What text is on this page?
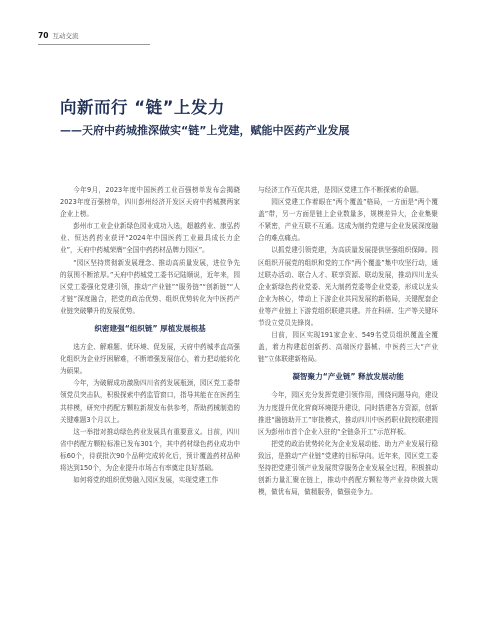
70 互动交流
向新而行 “链”上发力
——天府中药城推深做实“链”上党建，赋能中医药产业发展

今年9月，2023年度中国医药工业百强榜单发布会揭晓2023年度百强榜单，四川彭州经济开发区天府中药城携两家企业上榜。

彭州市工业企业新绿色园业成功入选，超越药业、康弘药业、恒达药药业获评“2024年中国医药工业最具成长力企业”，天府中药城荣膺“全国中药药材品牌力园区”。

“园区坚持贯彻新发展理念、推动高质量发展，进位争先的氛围不断浓厚。”天府中药城党工委书记陆顺说，近年来，园区党工委强化党建引领，推动“产业链”“服务链”“创新链”“人才链”深度融合，把党的政治优势、组织优势转化为中医药产业链突破攀升的发展优势。

织密建强“组织链” 厚植发展根基

选方企、解难题、优环境、促发展，天府中药城孝直高强化组织为企业纾困解难，不断增强发展信心，着力把动能转化为硕果。

今年，为破解成功激励四川省药发展瓶颈，园区党工委带领党员突击队，积极探索中药监管窗口，指导其能在在医药生共样模，研究中药配方颗粒新规发布供参考，帮助药械制造的关键难题3个月以上。

这一举措对推动绿色药业发展具有重要意义。目前，四川省中药配方颗粒标准已发布301个，其中药材绿色药业成功中标60个，待获批次90个品种完成转化后，预计覆盖药材品种将达到150个，为企业提升市场占有率奠定良好基础。

如何将党的组织优势融入园区发展，实现党建工作

与经济工作互促共进，是园区党建工作不断探索的命题。

园区党建工作着眼在“两个覆盖”格局，一方面是“两个覆盖”带，另一方面是链上企业数量多，规模差异大，企业集聚不紧密，产业互联不互通。这成为制约党建与企业发展深度融合的难点痛点。

以抓党建引领党建，为高质量发展提供坚强组织保障。园区组织开展党的组织和党的工作“两个覆盖”集中攻坚行动，通过联办活动、联合人才、联享资源、联动发展，推动四川龙头企业新绿色药业党委、光大制药党委等企业党委，形成以龙头企业为核心，带动上下游企业共同发展的新格局，关键配套企业等产业链上下游党组织联建共建。并在科研、生产等关键环节设立党员先锋岗。

目前，园区实现191家企业、549名党员组织覆盖全覆盖，着力构建起创新药、高端医疗器械、中医药三大“产业链”立体联建新格局。

凝智聚力“产业链” 释放发展动能

今年，园区充分发挥党建引领作用，围绕问题导向，建设为力度提升优化营商环境提升建设，同时搭建各方资源，创新推进“融链助开工”审批模式，推动四川中医药职业院校联建园区为彭州市首个企业入驻的“全链条开工”示范样板。

把党的政治优势转化为企业发展动能、助力产业发展行稳致远，是推动“产业链”党建的目标导向。近年来，园区党工委坚持把党建引领产业发展贯穿服务企业发展全过程，积极推动创新力量汇聚在链上，推动中药配方颗粒等产业持续做大规模，做优布局，做精服务，做强竞争力。
